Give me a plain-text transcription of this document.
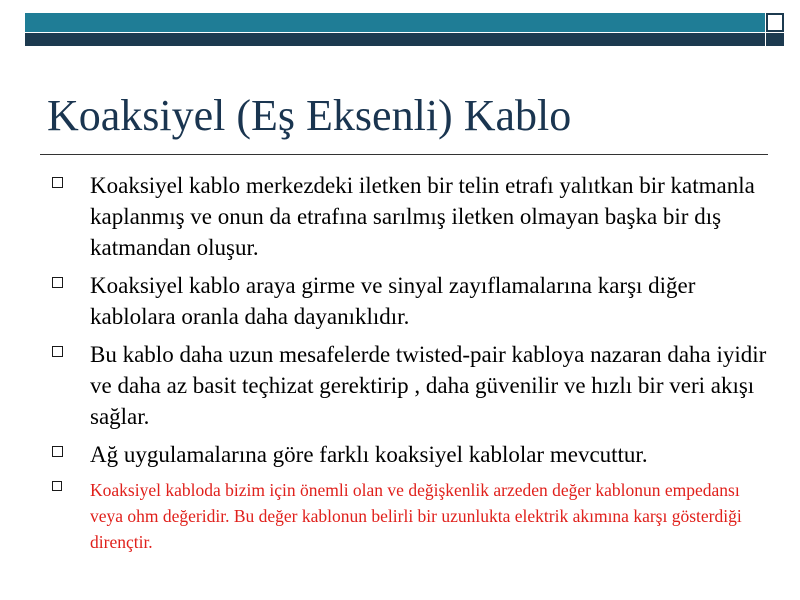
Koaksiyel (Eş Eksenli) Kablo
Koaksiyel kablo merkezdeki iletken bir telin etrafı yalıtkan bir katmanla kaplanmış ve onun da etrafına sarılmış iletken olmayan başka bir dış katmandan oluşur.
Koaksiyel kablo araya girme ve sinyal zayıflamalarına karşı diğer kablolara oranla daha dayanıklıdır.
Bu kablo daha uzun mesafelerde twisted-pair kabloya nazaran daha iyidir ve daha az basit teçhizat gerektirip , daha güvenilir ve hızlı bir veri akışı sağlar.
Ağ uygulamalarına göre farklı koaksiyel kablolar mevcuttur.
Koaksiyel kabloda bizim için önemli olan ve değişkenlik arzeden değer kablonun empedansı veya ohm değeridir. Bu değer kablonun belirli bir uzunlukta elektrik akımına karşı gösterdiği dirençtir.
